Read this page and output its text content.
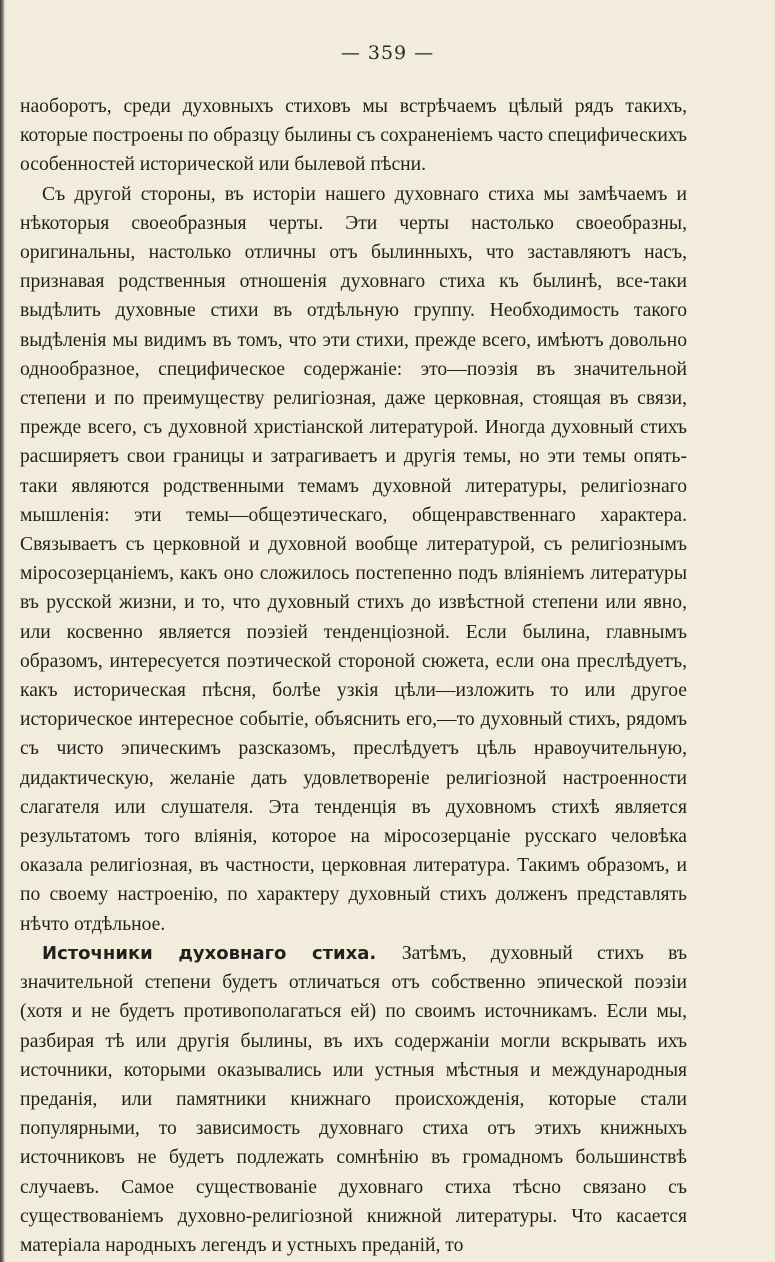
— 359 —

наоборотъ, среди духовныхъ стиховъ мы встрѣчаемъ цѣлый рядъ такихъ, которые построены по образцу былины съ сохраненіемъ часто специфическихъ особенностей исторической или былевой пѣсни.

Съ другой стороны, въ исторіи нашего духовнаго стиха мы замѣчаемъ и нѣкоторыя своеобразныя черты. Эти черты настолько своеобразны, оригинальны, настолько отличны отъ былинныхъ, что заставляютъ насъ, признавая родственныя отношенія духовнаго стиха къ былинѣ, все-таки выдѣлить духовные стихи въ отдѣльную группу. Необходимость такого выдѣленія мы видимъ въ томъ, что эти стихи, прежде всего, имѣютъ довольно однообразное, специфическое содержаніе: это—поэзія въ значительной степени и по преимуществу религіозная, даже церковная, стоящая въ связи, прежде всего, съ духовной христіанской литературой. Иногда духовный стихъ расширяетъ свои границы и затрагиваетъ и другія темы, но эти темы опять-таки являются родственными темамъ духовной литературы, религіознаго мышленія: эти темы—общеэтическаго, общенравственнаго характера. Связываетъ съ церковной и духовной вообще литературой, съ религіознымъ міросозерцаніемъ, какъ оно сложилось постепенно подъ вліяніемъ литературы въ русской жизни, и то, что духовный стихъ до извѣстной степени или явно, или косвенно является поэзіей тенденціозной. Если былина, главнымъ образомъ, интересуется поэтической стороной сюжета, если она преслѣдуетъ, какъ историческая пѣсня, болѣе узкія цѣли—изложить то или другое историческое интересное событіе, объяснить его,—то духовный стихъ, рядомъ съ чисто эпическимъ разсказомъ, преслѣдуетъ цѣль нравоучительную, дидактическую, желаніе дать удовлетвореніе религіозной настроенности слагателя или слушателя. Эта тенденція въ духовномъ стихѣ является результатомъ того вліянія, которое на міросозерцаніе русскаго человѣка оказала религіозная, въ частности, церковная литература. Такимъ образомъ, и по своему настроенію, по характеру духовный стихъ долженъ представлять нѣчто отдѣльное.

Источники духовнаго стиха. Затѣмъ, духовный стихъ въ значительной степени будетъ отличаться отъ собственно эпической поэзіи (хотя и не будетъ противополагаться ей) по своимъ источникамъ. Если мы, разбирая тѣ или другія былины, въ ихъ содержаніи могли вскрывать ихъ источники, которыми оказывались или устныя мѣстныя и международныя преданія, или памятники книжнаго происхожденія, которые стали популярными, то зависимость духовнаго стиха отъ этихъ книжныхъ источниковъ не будетъ подлежать сомнѣнію въ громадномъ большинствѣ случаевъ. Самое существованіе духовнаго стиха тѣсно связано съ существованіемъ духовно-религіозной книжной литературы. Что касается матеріала народныхъ легендъ и устныхъ преданій, то
